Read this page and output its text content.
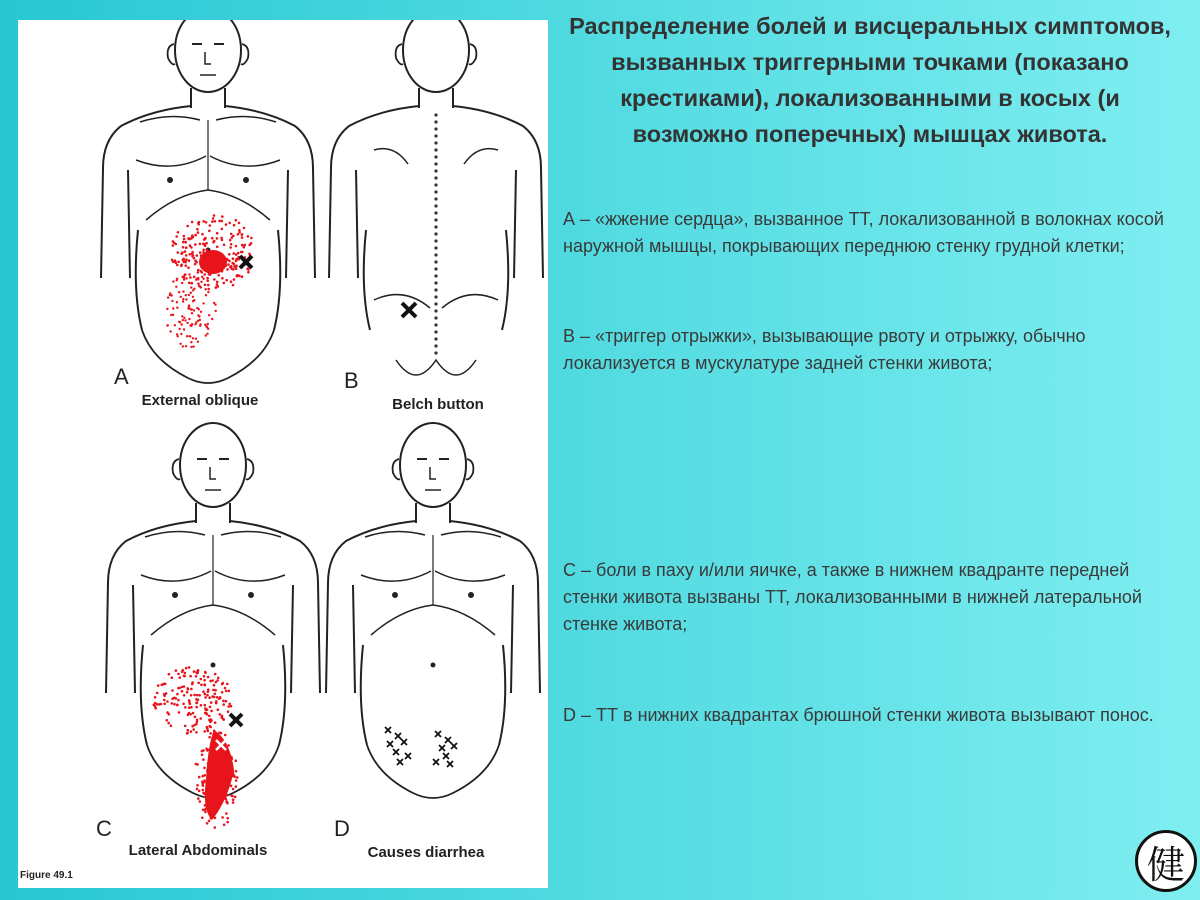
A
External oblique
B
Belch button
C
Lateral Abdominals
D
Causes diarrhea
Figure 49.1
Распределение болей и висцеральных симптомов, вызванных триггерными точками (показано крестиками), локализованными в косых (и возможно поперечных) мышцах живота.
А – «жжение сердца», вызванное ТТ, локализованной в волокнах косой наружной мышцы, покрывающих переднюю стенку грудной клетки;
В – «триггер отрыжки», вызывающие рвоту и отрыжку, обычно локализуется в мускулатуре задней стенки живота;
С – боли в паху и/или яичке, а также в нижнем квадранте передней стенки живота вызваны ТТ, локализованными в нижней латеральной стенке живота;
D – ТТ в нижних квадрантах брюшной стенки живота вызывают понос.
健
